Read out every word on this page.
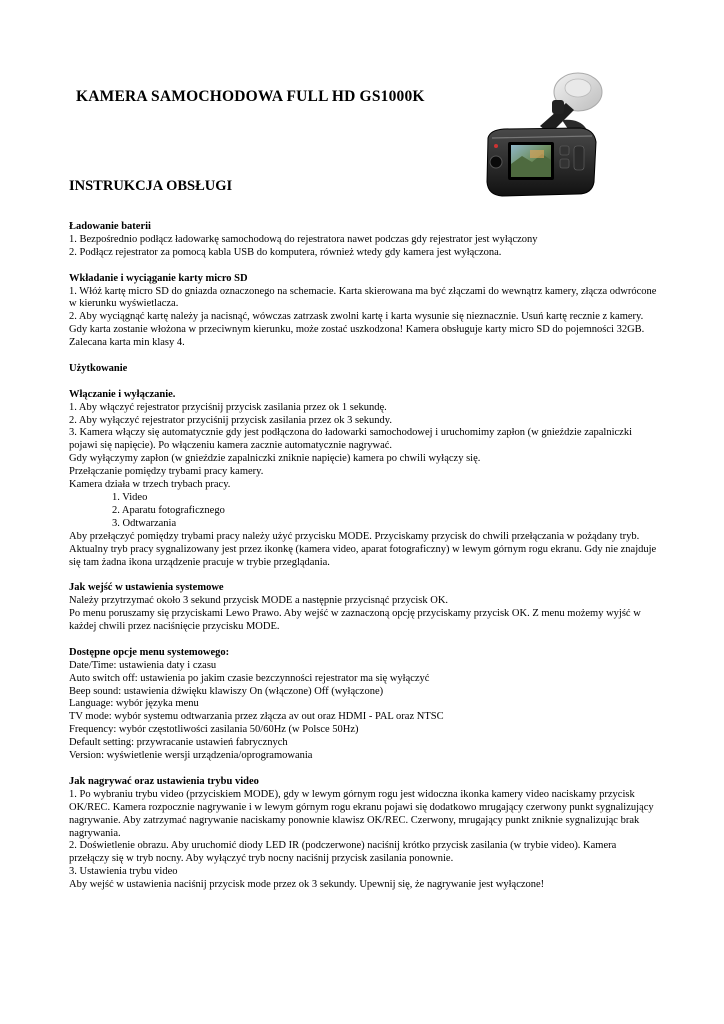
KAMERA SAMOCHODOWA FULL HD GS1000K
INSTRUKCJA OBSŁUGI

Ładowanie baterii

1. Bezpośrednio podłącz ładowarkę samochodową do rejestratora nawet podczas gdy rejestrator jest wyłączony

2. Podłącz rejestrator za pomocą kabla USB do komputera, również wtedy gdy kamera jest wyłączona.

Wkładanie i wyciąganie karty micro SD

1. Włóż kartę micro SD do gniazda oznaczonego na schemacie. Karta skierowana ma być złączami do wewnątrz kamery, złącza odwrócone w kierunku wyświetlacza.

2. Aby wyciągnąć kartę należy ja nacisnąć, wówczas zatrzask zwolni kartę i karta wysunie się nieznacznie. Usuń kartę recznie z kamery.

Gdy karta zostanie włożona w przeciwnym kierunku, może zostać uszkodzona! Kamera obsługuje karty micro SD do pojemności 32GB. Zalecana karta min klasy 4.

Użytkowanie

Włączanie i wyłączanie.

1. Aby włączyć rejestrator przyciśnij przycisk zasilania przez ok 1 sekundę.

2. Aby wyłączyć rejestrator przyciśnij przycisk zasilania przez ok 3 sekundy.

3. Kamera włączy się automatycznie gdy jest podłączona do ładowarki samochodowej i uruchomimy zapłon (w gnieździe zapalniczki pojawi się napięcie). Po włączeniu kamera zacznie automatycznie nagrywać.

Gdy wyłączymy zapłon (w gnieździe zapalniczki zniknie napięcie) kamera po chwili wyłączy się.

Przełączanie pomiędzy trybami pracy kamery.

Kamera działa w trzech trybach pracy.

1. Video

2. Aparatu fotograficznego

3. Odtwarzania

Aby przełączyć pomiędzy trybami pracy należy użyć przycisku MODE. Przyciskamy przycisk do chwili przełączania w pożądany tryb.

Aktualny tryb pracy sygnalizowany jest przez ikonkę (kamera video, aparat fotograficzny) w lewym górnym rogu ekranu. Gdy nie znajduje się tam żadna ikona urządzenie pracuje w trybie przeglądania.

Jak wejść w ustawienia systemowe

Należy przytrzymać około 3 sekund przycisk MODE a następnie przycisnąć przycisk OK.

Po menu poruszamy się przyciskami Lewo Prawo. Aby wejść w zaznaczoną opcję przyciskamy przycisk OK. Z menu możemy wyjść w każdej chwili przez naciśnięcie przycisku MODE.

Dostępne opcje menu systemowego:

Date/Time: ustawienia daty i czasu

Auto switch off: ustawienia po jakim czasie bezczynności rejestrator ma się wyłączyć

Beep sound: ustawienia dźwięku klawiszy On (włączone) Off (wyłączone)

Language: wybór języka menu

TV mode: wybór systemu odtwarzania przez złącza av out oraz HDMI - PAL oraz NTSC

Frequency: wybór częstotliwości zasilania 50/60Hz (w Polsce 50Hz)

Default setting: przywracanie ustawień fabrycznych

Version: wyświetlenie wersji urządzenia/oprogramowania

Jak nagrywać oraz ustawienia trybu video

1. Po wybraniu trybu video (przyciskiem MODE), gdy w lewym górnym rogu jest widoczna ikonka kamery video naciskamy przycisk OK/REC. Kamera rozpocznie nagrywanie i w lewym górnym rogu ekranu pojawi się dodatkowo mrugający czerwony punkt sygnalizujący nagrywanie. Aby zatrzymać nagrywanie naciskamy ponownie klawisz OK/REC. Czerwony, mrugający punkt zniknie sygnalizując brak nagrywania.

2. Doświetlenie obrazu. Aby uruchomić diody LED IR (podczerwone) naciśnij krótko przycisk zasilania (w trybie video). Kamera przełączy się w tryb nocny. Aby wyłączyć tryb nocny naciśnij przycisk zasilania ponownie.

3. Ustawienia trybu video

Aby wejść w ustawienia naciśnij przycisk mode przez ok 3 sekundy. Upewnij się, że nagrywanie jest wyłączone!
